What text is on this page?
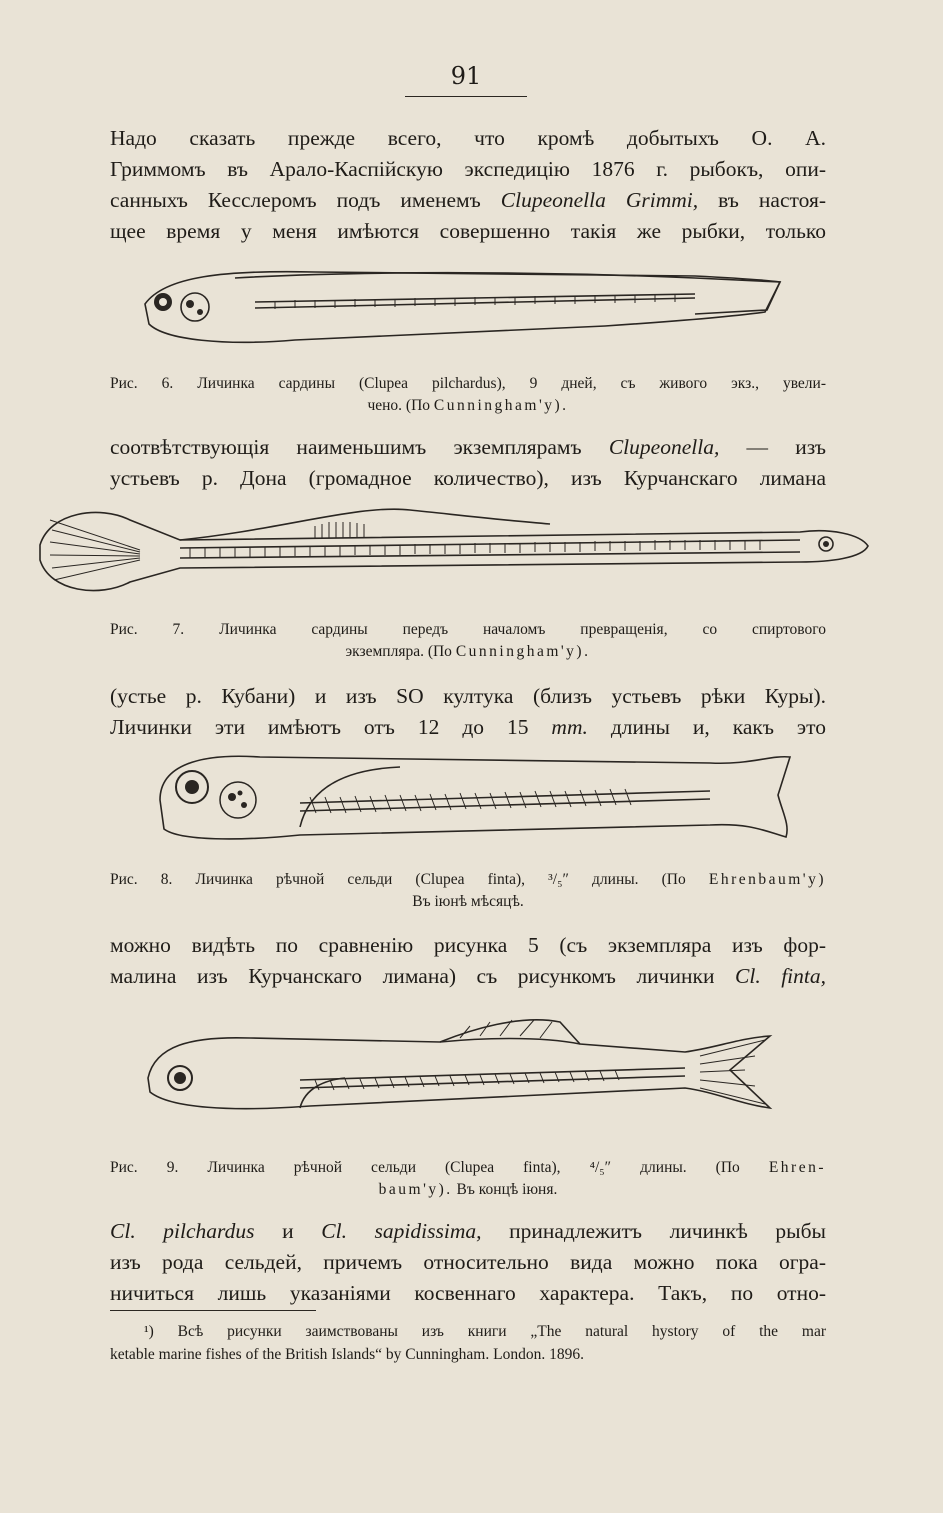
91
Надо сказать прежде всего, что кромѣ добытыхъ О. А.
Гриммомъ въ Арало-Каспійскую экспедицію 1876 г. рыбокъ, опи-
санныхъ Кесслеромъ подъ именемъ Clupeonella Grimmi, въ настоя-
щее время у меня имѣются совершенно такія же рыбки, только
Рис. 6. Личинка сардины (Clupea pilchardus), 9 дней, съ живого экз., увели-
чено. (По Cunningham'y).
соотвѣтствующія наименьшимъ экземплярамъ Clupeonella, — изъ
устьевъ р. Дона (громадное количество), изъ Курчанскаго лимана
Рис. 7. Личинка сардины передъ началомъ превращенія, со спиртового
экземпляра. (По Cunningham'y).
(устье р. Кубани) и изъ SO култука (близъ устьевъ рѣки Куры).
Личинки эти имѣютъ отъ 12 до 15 mm. длины и, какъ это
Рис. 8. Личинка рѣчной сельди (Clupea finta), ³/₅″ длины. (По Ehrenbaum'y)
Въ іюнѣ мѣсяцѣ.
можно видѣть по сравненію рисунка 5 (съ экземпляра изъ фор-
малина изъ Курчанскаго лимана) съ рисункомъ личинки Cl. finta,
Рис. 9. Личинка рѣчной сельди (Clupea finta), ⁴/₅″ длины. (По Ehren-
baum'y). Въ концѣ іюня.
Cl. pilchardus и Cl. sapidissima, принадлежитъ личинкѣ рыбы
изъ рода сельдей, причемъ относительно вида можно пока огра-
ничиться лишь указаніями косвеннаго характера. Такъ, по отно-
¹) Всѣ рисунки заимствованы изъ книги „The natural hystory of the mar
ketable marine fishes of the British Islands“ by Cunningham. London. 1896.
